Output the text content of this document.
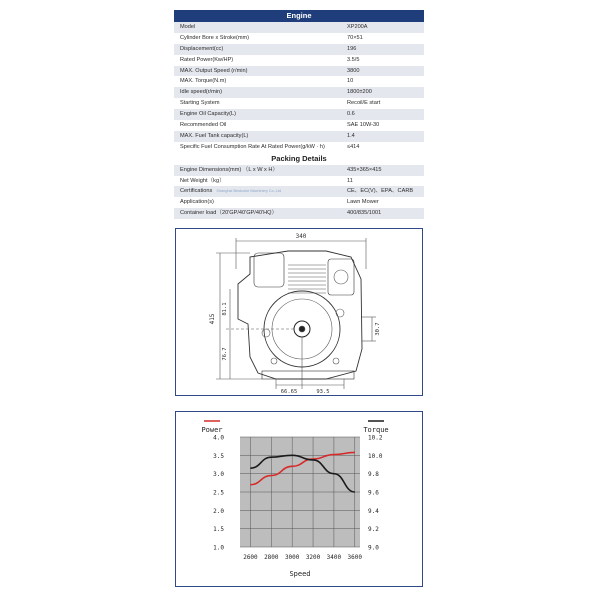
Engine
Model	XP200A
Cylinder Bore x Stroke(mm)	70×51
Displacement(cc)	196
Rated Power(Kw/HP)	3.5/5
MAX. Output Speed (r/min)	3800
MAX. Torque(N.m)	10
Idle speed(r/min)	1800±200
Starting System	Recoil/E start
Engine Oil Capacity(L)	0.6
Recommended Oil	SAE 10W-30
MAX. Fuel Tank capacity(L)	1.4
Specific Fuel Consumption Rate At Rated Power(g/kW · h)	≤414
Packing Details
Engine Dimensions(mm) （L x W x H）	435×365×415
Net Weight（kg）	11
Certifications Shanghai Bestcolor Machinery Co.,Ltd	CE、EC(V)、EPA、CARB
Application(s)	Lawn Mower
Container load（20'GP/40'GP/40'HQ）	400/835/1001
340
415
81.1
76.7
30.7
66.65	93.5
Power	Torque
4.0
3.5
3.0
2.5
2.0
1.5
1.0
10.2
10.0
9.8
9.6
9.4
9.2
9.0
2600 2800 3000 3200 3400 3600
Speed
